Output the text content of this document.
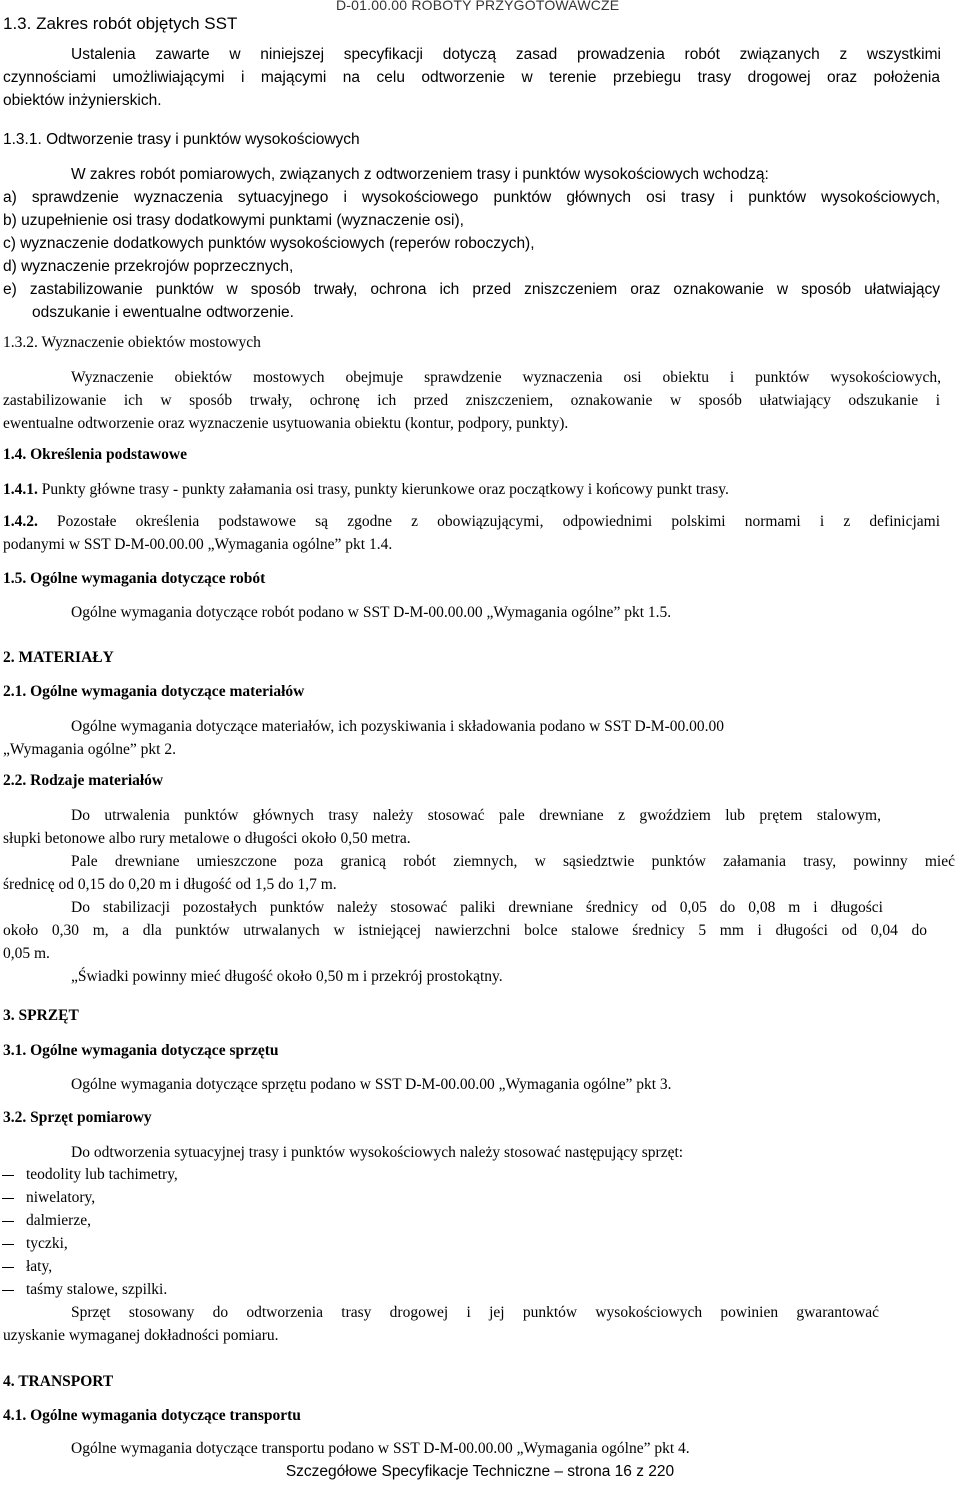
D-01.00.00 ROBOTY PRZYGOTOWAWCZE
1.3. Zakres robót objętych SST
Ustalenia zawarte w niniejszej specyfikacji dotyczą zasad prowadzenia robót związanych z wszystkimi
czynnościami umożliwiającymi i mającymi na celu odtworzenie w terenie przebiegu trasy drogowej oraz położenia
obiektów inżynierskich.
1.3.1. Odtworzenie trasy i punktów wysokościowych
W zakres robót pomiarowych, związanych z odtworzeniem trasy i punktów wysokościowych wchodzą:
a) sprawdzenie wyznaczenia sytuacyjnego i wysokościowego punktów głównych osi trasy i punktów wysokościowych,
b) uzupełnienie osi trasy dodatkowymi punktami (wyznaczenie osi),
c) wyznaczenie dodatkowych punktów wysokościowych (reperów roboczych),
d) wyznaczenie przekrojów poprzecznych,
e) zastabilizowanie punktów w sposób trwały, ochrona ich przed zniszczeniem oraz oznakowanie w sposób ułatwiający
odszukanie i ewentualne odtworzenie.
1.3.2. Wyznaczenie obiektów mostowych
Wyznaczenie obiektów mostowych obejmuje sprawdzenie wyznaczenia osi obiektu i punktów wysokościowych,
zastabilizowanie ich w sposób trwały, ochronę ich przed zniszczeniem, oznakowanie w sposób ułatwiający odszukanie i
ewentualne odtworzenie oraz wyznaczenie usytuowania obiektu (kontur, podpory, punkty).
1.4. Określenia podstawowe
1.4.1. Punkty główne trasy - punkty załamania osi trasy, punkty kierunkowe oraz początkowy i końcowy punkt trasy.
1.4.2. Pozostałe określenia podstawowe są zgodne z obowiązującymi, odpowiednimi polskimi normami i z definicjami
podanymi w SST D-M-00.00.00 „Wymagania ogólne” pkt 1.4.
1.5. Ogólne wymagania dotyczące robót
Ogólne wymagania dotyczące robót podano w SST D-M-00.00.00 „Wymagania ogólne” pkt 1.5.
2. MATERIAŁY
2.1. Ogólne wymagania dotyczące materiałów
Ogólne wymagania dotyczące materiałów, ich pozyskiwania i składowania podano w SST D-M-00.00.00
„Wymagania ogólne” pkt 2.
2.2. Rodzaje materiałów
Do utrwalenia punktów głównych trasy należy stosować pale drewniane z gwoździem lub prętem stalowym,
słupki betonowe albo rury metalowe o długości około 0,50 metra.
Pale drewniane umieszczone poza granicą robót ziemnych, w sąsiedztwie punktów załamania trasy, powinny mieć
średnicę od 0,15 do 0,20 m i długość od 1,5 do 1,7 m.
Do stabilizacji pozostałych punktów należy stosować paliki drewniane średnicy od 0,05 do 0,08 m i długości
około 0,30 m, a dla punktów utrwalanych w istniejącej nawierzchni bolce stalowe średnicy 5 mm i długości od 0,04 do
0,05 m.
„Świadki powinny mieć długość około 0,50 m i przekrój prostokątny.
3. SPRZĘT
3.1. Ogólne wymagania dotyczące sprzętu
Ogólne wymagania dotyczące sprzętu podano w SST D-M-00.00.00 „Wymagania ogólne” pkt 3.
3.2. Sprzęt pomiarowy
Do odtworzenia sytuacyjnej trasy i punktów wysokościowych należy stosować następujący sprzęt:
teodolity lub tachimetry,
niwelatory,
dalmierze,
tyczki,
łaty,
taśmy stalowe, szpilki.
Sprzęt stosowany do odtworzenia trasy drogowej i jej punktów wysokościowych powinien gwarantować
uzyskanie wymaganej dokładności pomiaru.
4. TRANSPORT
4.1. Ogólne wymagania dotyczące transportu
Ogólne wymagania dotyczące transportu podano w SST D-M-00.00.00 „Wymagania ogólne” pkt 4.
Szczegółowe Specyfikacje Techniczne – strona 16 z 220
